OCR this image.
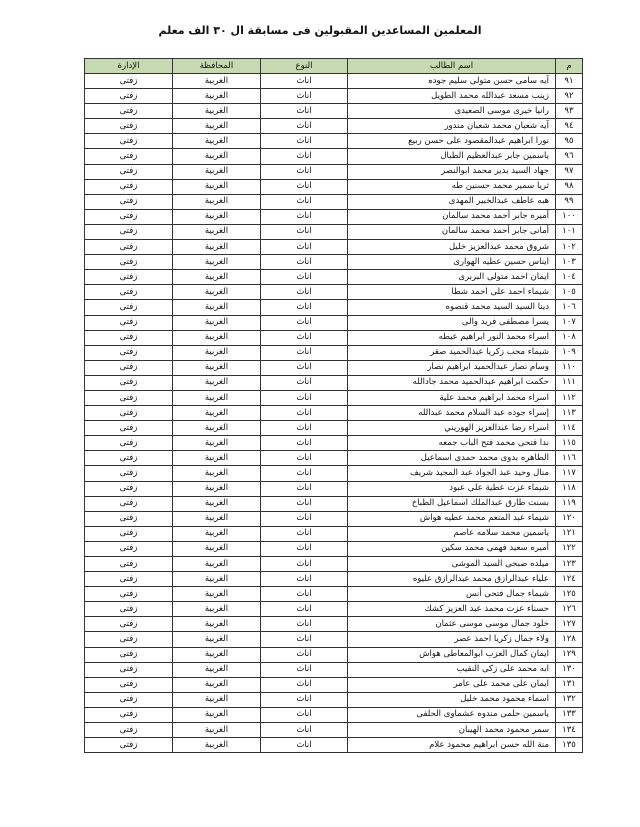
المعلمين المساعدين المقبولين فى مسابقة ال ٣٠ الف معلم
م	اسم الطالب	النوع	المحافظة	الإدارة
٩١	آيه سامى حسن متولى سليم جوده	اناث	الغربية	زفتى
٩٢	زينب مسعد عبدالله محمد الطويل	اناث	الغربية	زفتى
٩٣	رانيا خيرى موسى الصعيدى	اناث	الغربية	زفتى
٩٤	آيه شعبان محمد شعبان مندور	اناث	الغربية	زفتى
٩٥	نورا ابراهيم عبدالمقصود على حسن ربيع	اناث	الغربية	زفتى
٩٦	ياسمين جابر عبدالعظيم الطبال	اناث	الغربية	زفتى
٩٧	جهاد السيد بدير محمد ابوالنصر	اناث	الغربية	زفتى
٩٨	ثريا سمير محمد حسنين طه	اناث	الغربية	زفتى
٩٩	هبه عاطف عبدالخبير المهدى	اناث	الغربية	زفتى
١٠٠	أميره جابر أحمد محمد سالمان	اناث	الغربية	زفتى
١٠١	أمانى جابر أحمد محمد سالمان	اناث	الغربية	زفتى
١٠٢	شروق محمد عبدالعزيز خليل	اناث	الغربية	زفتى
١٠٣	ايناس حسين عطيه الهوارى	اناث	الغربية	زفتى
١٠٤	ايمان احمد متولى البربرى	اناث	الغربية	زفتى
١٠٥	شيماء احمد على احمد شطا	اناث	الغربية	زفتى
١٠٦	دينا السيد السيد محمد قنصوه	اناث	الغربية	زفتى
١٠٧	يسرا مصطفى فريد والى	اناث	الغربية	زفتى
١٠٨	اسراء محمد النور ابراهيم عبطه	اناث	الغربية	زفتى
١٠٩	شيماء محب زكريا عبدالحميد صقر	اناث	الغربية	زفتى
١١٠	وسام نصار عبدالحميد ابراهيم نصار	اناث	الغربية	زفتى
١١١	حكمت ابراهيم عبدالحميد محمد جادالله	اناث	الغربية	زفتى
١١٢	اسراء محمد ابراهيم محمد علية	اناث	الغربية	زفتى
١١٣	إسراء جوده عبد السلام محمد عبدالله	اناث	الغربية	زفتى
١١٤	اسراء رضا عبدالعزيز الهوريني	اناث	الغربية	زفتى
١١٥	ندا فتحى محمد فتح الباب جمعه	اناث	الغربية	زفتى
١١٦	الطاهره بدوى محمد حمدى اسماعيل	اناث	الغربية	زفتى
١١٧	منال وحيد عبد الجواد عبد المجيد شريف	اناث	الغربية	زفتى
١١٨	شيماء عزت عطية على عبود	اناث	الغربية	زفتى
١١٩	بسنت طارق عبدالملك اسماعيل الطباخ	اناث	الغربية	زفتى
١٢٠	شيماء عبد المنعم محمد عطيه هواش	اناث	الغربية	زفتى
١٢١	ياسمين محمد سلامه عاصم	اناث	الغربية	زفتى
١٢٢	أميره سعيد فهمى محمد سكين	اناث	الغربية	زفتى
١٢٣	ميلده صبحى السيد الموشى	اناث	الغربية	زفتى
١٢٤	علياء عبدالرازق محمد عبدالرازق عليوه	اناث	الغربية	زفتى
١٢٥	شيماء جمال فتحى أنس	اناث	الغربية	زفتى
١٢٦	حسناء عزت محمد عبد العزيز كشك	اناث	الغربية	زفتى
١٢٧	خلود جمال موسى موسى عثمان	اناث	الغربية	زفتى
١٢٨	ولاء جمال زكريا احمد عصر	اناث	الغربية	زفتى
١٢٩	ايمان كمال العزب ابوالمعاطى هواش	اناث	الغربية	زفتى
١٣٠	ابه محمد على زكى النقيب	اناث	الغربية	زفتى
١٣١	ايمان على محمد على عامر	اناث	الغربية	زفتى
١٣٢	اسماء محمود محمد خليل	اناث	الغربية	زفتى
١٣٣	ياسمين حلمى مندوه عشماوى الحلفى	اناث	الغربية	زفتى
١٣٤	سمر محمود محمد الهيبان	اناث	الغربية	زفتى
١٣٥	منة الله حسن ابراهيم محمود علام	اناث	الغربية	زفتى
